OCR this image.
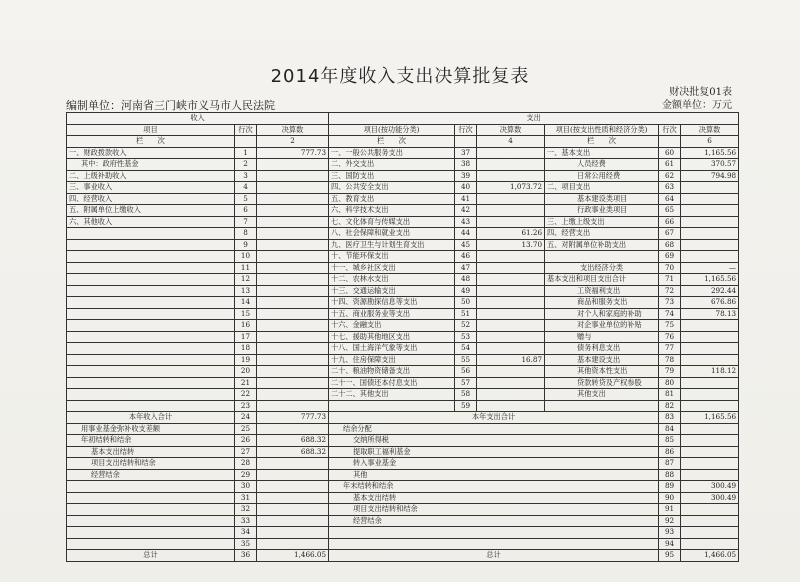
2014年度收入支出决算批复表
编制单位：河南省三门峡市义马市人民法院
财决批复01表
金额单位：万元
收入			支出					
项目	行次	决算数	项目(按功能分类)	行次	决算数	项目(按支出性质和经济分类)	行次	决算数
栏　　次		2	栏　　次		4	栏　　次		6
一、财政拨款收入	1	777.73	一、一般公共服务支出	37		一、基本支出	60	1,165.56
其中：政府性基金	2		二、外交支出	38		人员经费	61	370.57
二、上级补助收入	3		三、国防支出	39		日常公用经费	62	794.98
三、事业收入	4		四、公共安全支出	40	1,073.72	二、项目支出	63	
四、经营收入	5		五、教育支出	41		基本建设类项目	64	
五、附属单位上缴收入	6		六、科学技术支出	42		行政事业类项目	65	
六、其他收入	7		七、文化体育与传媒支出	43		三、上缴上级支出	66	
	8		八、社会保障和就业支出	44	61.26	四、经营支出	67	
	9		九、医疗卫生与计划生育支出	45	13.70	五、对附属单位补助支出	68	
	10		十、节能环保支出	46			69	
	11		十一、城乡社区支出	47		支出经济分类	70	—
	12		十二、农林水支出	48		基本支出和项目支出合计	71	1,165.56
	13		十三、交通运输支出	49		工资福利支出	72	292.44
	14		十四、资源勘探信息等支出	50		商品和服务支出	73	676.86
	15		十五、商业服务业等支出	51		对个人和家庭的补助	74	78.13
	16		十六、金融支出	52		对企事业单位的补贴	75	
	17		十七、援助其他地区支出	53		赠与	76	
	18		十八、国土海洋气象等支出	54		债务利息支出	77	
	19		十九、住房保障支出	55	16.87	基本建设支出	78	
	20		二十、粮油物资储备支出	56		其他资本性支出	79	118.12
	21		二十一、国债还本付息支出	57		贷款转贷及产权参股	80	
	22		二十二、其他支出	58		其他支出	81	
	23			59			82	
本年收入合计	24	777.73	本年支出合计				83	1,165.56
用事业基金弥补收支差额	25		结余分配				84	
年初结转和结余	26	688.32	交纳所得税				85	
基本支出结转	27	688.32	提取职工福利基金				86	
项目支出结转和结余	28		转入事业基金				87	
经营结余	29		其他				88	
	30		年末结转和结余				89	300.49
	31		基本支出结转				90	300.49
	32		项目支出结转和结余				91	
	33		经营结余				92	
	34						93	
	35						94	
总计	36	1,466.05	总计				95	1,466.05
